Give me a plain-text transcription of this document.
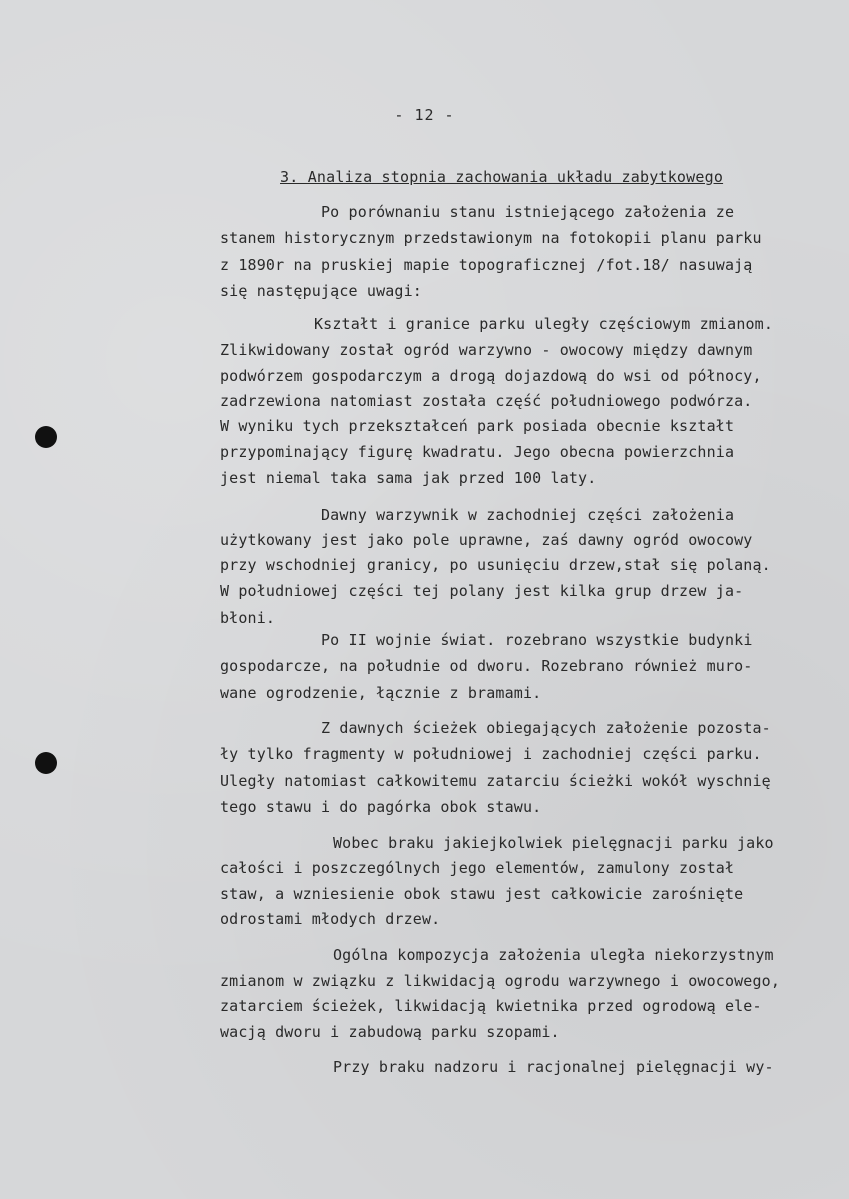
- 12 -
3. Analiza stopnia zachowania układu zabytkowego
Po porównaniu stanu istniejącego założenia ze
stanem historycznym przedstawionym na fotokopii planu parku
z 1890r na pruskiej mapie topograficznej /fot.18/ nasuwają
się następujące uwagi:
Kształt i granice parku uległy częściowym zmianom.
Zlikwidowany został ogród warzywno - owocowy między dawnym
podwórzem gospodarczym a drogą dojazdową do wsi od północy,
zadrzewiona natomiast została część południowego podwórza.
W wyniku tych przekształceń park posiada obecnie kształt
przypominający figurę kwadratu. Jego obecna powierzchnia
jest niemal taka sama jak przed 100 laty.
Dawny warzywnik w zachodniej części założenia
użytkowany jest jako pole uprawne, zaś dawny ogród owocowy
przy wschodniej granicy, po usunięciu drzew,stał się polaną.
W południowej części tej polany jest kilka grup drzew ja-
błoni.
Po II wojnie świat. rozebrano wszystkie budynki
gospodarcze, na południe od dworu. Rozebrano również muro-
wane ogrodzenie, łącznie z bramami.
Z dawnych ścieżek obiegających założenie pozosta-
ły tylko fragmenty w południowej i zachodniej części parku.
Uległy natomiast całkowitemu zatarciu ścieżki wokół wyschnię
tego stawu i do pagórka obok stawu.
Wobec braku jakiejkolwiek pielęgnacji parku jako
całości i poszczególnych jego elementów, zamulony został
staw, a wzniesienie obok stawu jest całkowicie zarośnięte
odrostami młodych drzew.
Ogólna kompozycja założenia uległa niekorzystnym
zmianom w związku z likwidacją ogrodu warzywnego i owocowego,
zatarciem ścieżek, likwidacją kwietnika przed ogrodową ele-
wacją dworu i zabudową parku szopami.
Przy braku nadzoru i racjonalnej pielęgnacji wy-
